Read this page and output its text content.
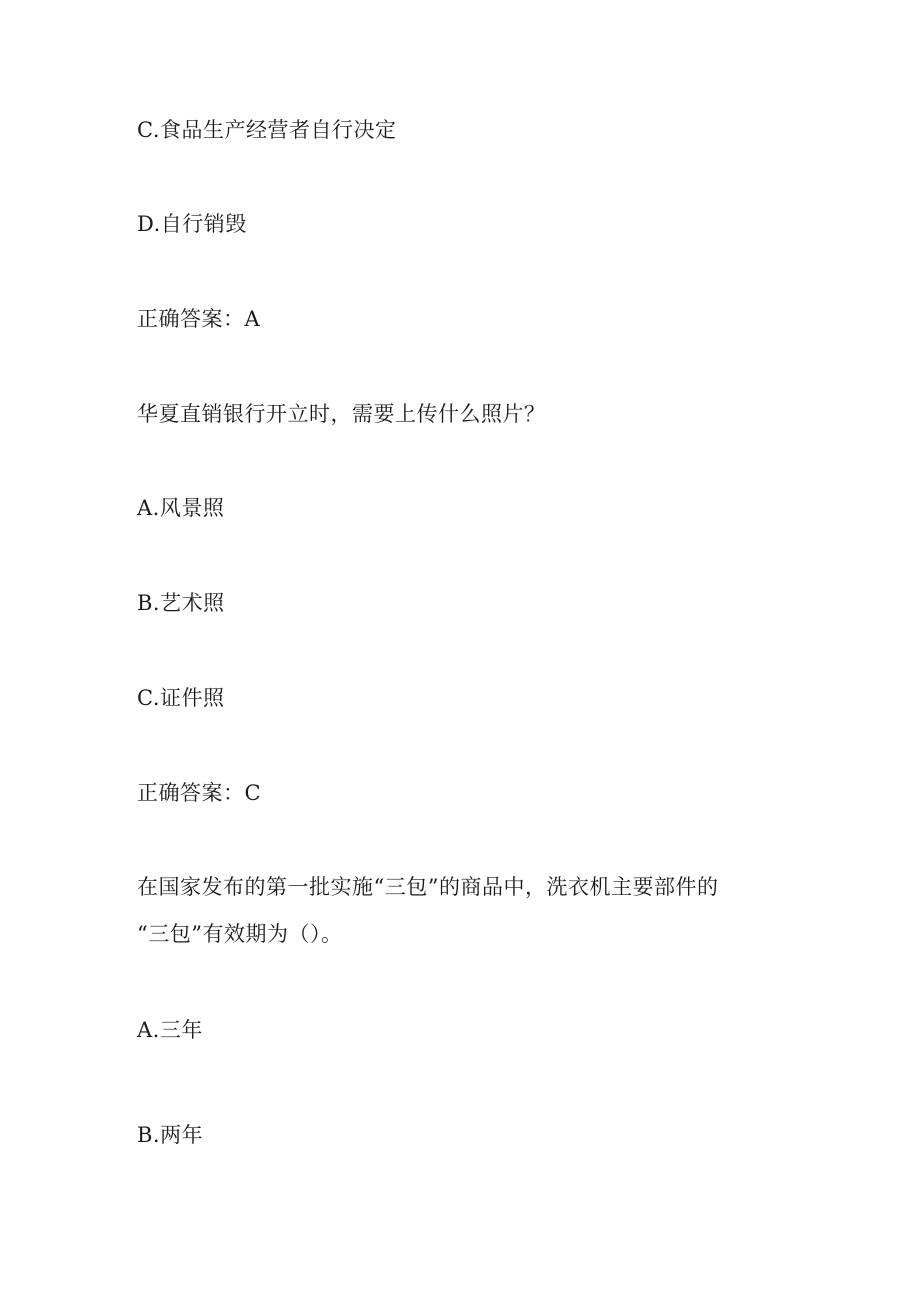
C.食品生产经营者自行决定
D.自行销毁
正确答案：A
华夏直销银行开立时，需要上传什么照片？
A.风景照
B.艺术照
C.证件照
正确答案：C
在国家发布的第一批实施“三包”的商品中，洗衣机主要部件的
“三包”有效期为（）。
A.三年
B.两年
